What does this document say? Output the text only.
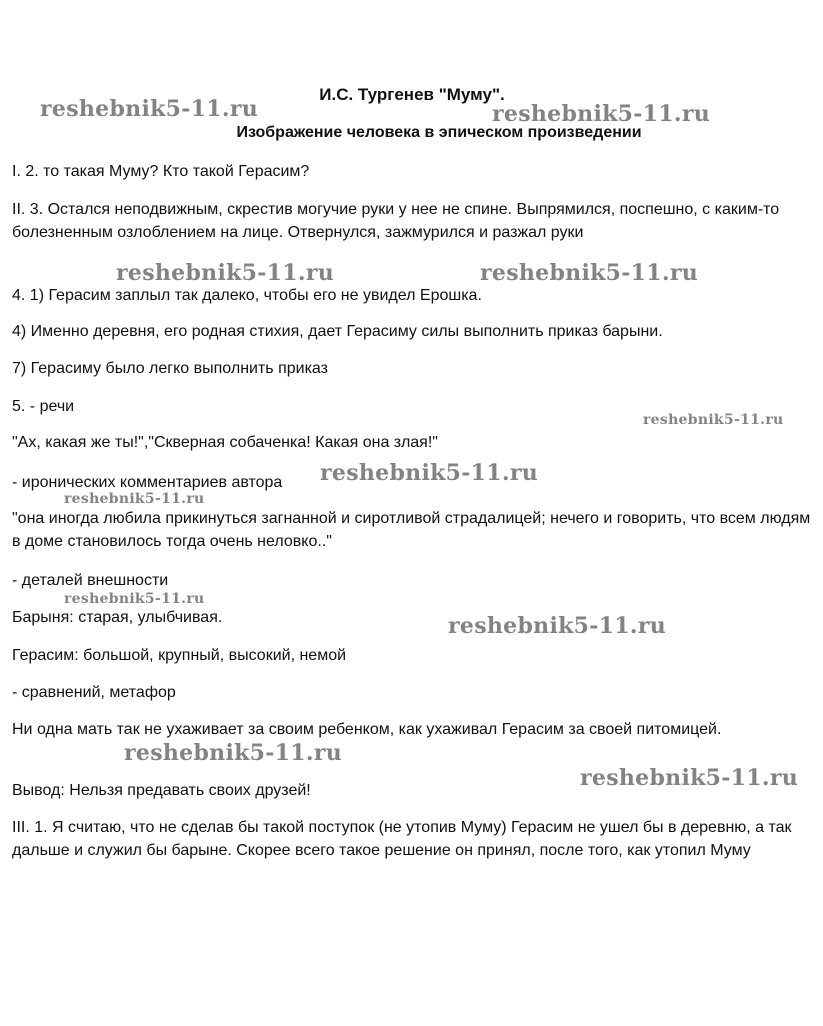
И.С. Тургенев "Муму".
Изображение человека в эпическом произведении
I. 2. то такая Муму? Кто такой Герасим?
II. 3. Остался неподвижным, скрестив могучие руки у нее не спине. Выпрямился, поспешно, с каким-то болезненным озлоблением на лице. Отвернулся, зажмурился и разжал руки
4. 1) Герасим заплыл так далеко, чтобы его не увидел Ерошка.
4) Именно деревня, его родная стихия, дает Герасиму силы выполнить приказ барыни.
7) Герасиму было легко выполнить приказ
5. - речи
"Ах, какая же ты!","Скверная собаченка! Какая она злая!"
- иронических комментариев автора
"она иногда любила прикинуться загнанной и сиротливой страдалицей; нечего и говорить, что всем людям в доме становилось тогда очень неловко.."
- деталей внешности
Барыня: старая, улыбчивая.
Герасим: большой, крупный, высокий, немой
- сравнений, метафор
Ни одна мать так не ухаживает за своим ребенком, как ухаживал Герасим за своей питомицей.
Вывод: Нельзя предавать своих друзей!
III. 1. Я считаю, что не сделав бы такой поступок (не утопив Муму) Герасим не ушел бы в деревню, а так дальше и служил бы барыне. Скорее всего такое решение он принял, после того, как утопил Муму
reshebnik5-11.ru	reshebnik5-11.ru
reshebnik5-11.ru	reshebnik5-11.ru
reshebnik5-11.ru
reshebnik5-11.ru
reshebnik5-11.ru
reshebnik5-11.ru
reshebnik5-11.ru
reshebnik5-11.ru
reshebnik5-11.ru
